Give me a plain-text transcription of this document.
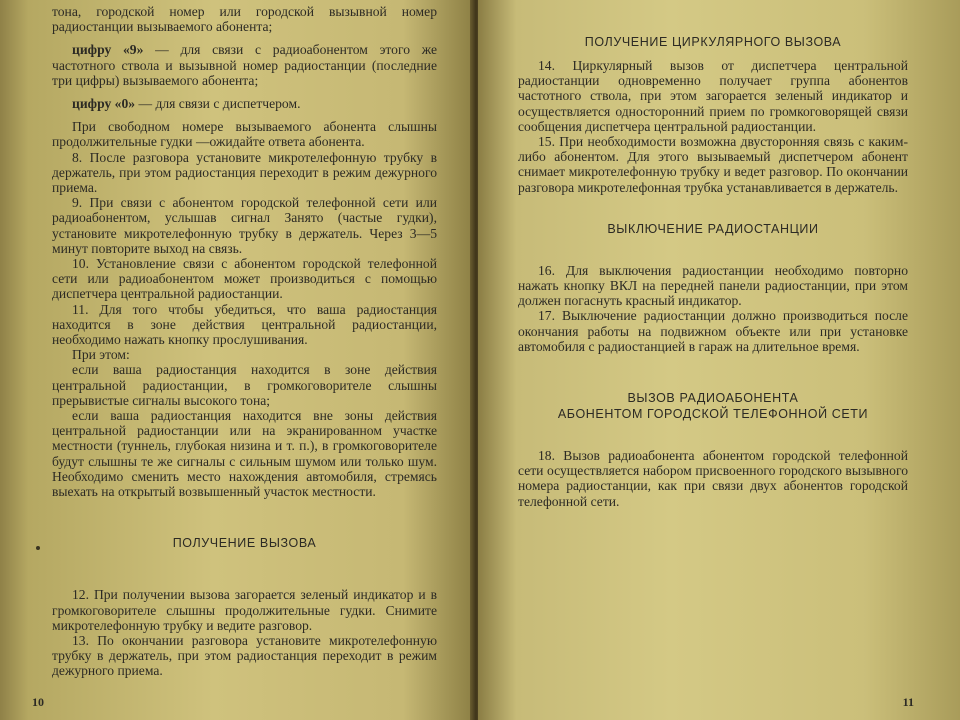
тона, городской номер или городской вызывной номер радиостанции вызываемого абонента;

цифру «9» — для связи с радиоабонентом этого же частотного ствола и вызывной номер радиостанции (последние три цифры) вызываемого абонента;

цифру «0» — для связи с диспетчером.

При свободном номере вызываемого абонента слышны продолжительные гудки —ожидайте ответа абонента.

8. После разговора установите микротелефонную трубку в держатель, при этом радиостанция переходит в режим дежурного приема.

9. При связи с абонентом городской телефонной сети или радиоабонентом, услышав сигнал Занято (частые гудки), установите микротелефонную трубку в держатель. Через 3—5 минут повторите выход на связь.

10. Установление связи с абонентом городской телефонной сети или радиоабонентом может производиться с помощью диспетчера центральной радиостанции.

11. Для того чтобы убедиться, что ваша радиостанция находится в зоне действия центральной радиостанции, необходимо нажать кнопку прослушивания.

При этом:

если ваша радиостанция находится в зоне действия центральной радиостанции, в громкоговорителе слышны прерывистые сигналы высокого тона;

если ваша радиостанция находится вне зоны действия центральной радиостанции или на экранированном участке местности (туннель, глубокая низина и т. п.), в громкоговорителе будут слышны те же сигналы с сильным шумом или только шум. Необходимо сменить место нахождения автомобиля, стремясь выехать на открытый возвышенный участок местности.

ПОЛУЧЕНИЕ ВЫЗОВА

12. При получении вызова загорается зеленый индикатор и в громкоговорителе слышны продолжительные гудки. Снимите микротелефонную трубку и ведите разговор.

13. По окончании разговора установите микротелефонную трубку в держатель, при этом радиостанция переходит в режим дежурного приема.

10

ПОЛУЧЕНИЕ ЦИРКУЛЯРНОГО ВЫЗОВА

14. Циркулярный вызов от диспетчера центральной радиостанции одновременно получает группа абонентов частотного ствола, при этом загорается зеленый индикатор и осуществляется односторонний прием по громкоговорящей связи сообщения диспетчера центральной радиостанции.

15. При необходимости возможна двусторонняя связь с каким-либо абонентом. Для этого вызываемый диспетчером абонент снимает микротелефонную трубку и ведет разговор. По окончании разговора микротелефонная трубка устанавливается в держатель.

ВЫКЛЮЧЕНИЕ РАДИОСТАНЦИИ

16. Для выключения радиостанции необходимо повторно нажать кнопку ВКЛ на передней панели радиостанции, при этом должен погаснуть красный индикатор.

17. Выключение радиостанции должно производиться после окончания работы на подвижном объекте или при установке автомобиля с радиостанцией в гараж на длительное время.

ВЫЗОВ РАДИОАБОНЕНТА

АБОНЕНТОМ ГОРОДСКОЙ ТЕЛЕФОННОЙ СЕТИ

18. Вызов радиоабонента абонентом городской телефонной сети осуществляется набором присвоенного городского вызывного номера радиостанции, как при связи двух абонентов городской телефонной сети.

11
